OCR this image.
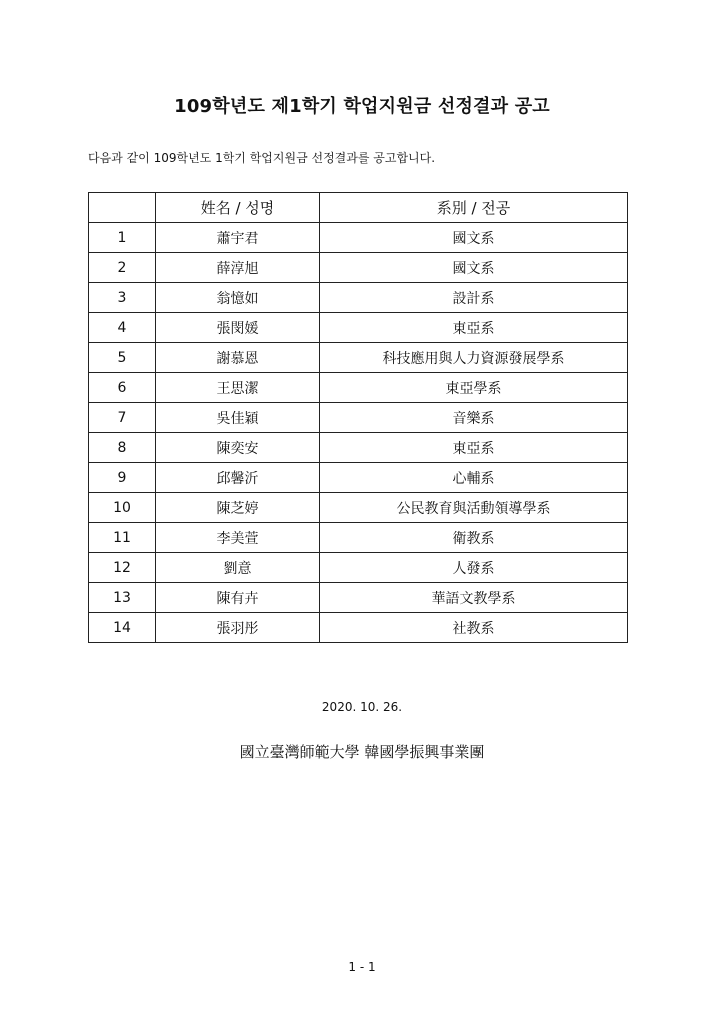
109학년도 제1학기 학업지원금 선정결과 공고
다음과 같이 109학년도 1학기 학업지원금 선정결과를 공고합니다.
	姓名 / 성명	系別 / 전공
1	蕭宇君	國文系
2	薛淳旭	國文系
3	翁憶如	設計系
4	張閔媛	東亞系
5	謝慕恩	科技應用與人力資源發展學系
6	王思潔	東亞學系
7	吳佳穎	音樂系
8	陳奕安	東亞系
9	邱馨沂	心輔系
10	陳芝婷	公民教育與活動領導學系
11	李美萱	衛教系
12	劉意	人發系
13	陳有卉	華語文教學系
14	張羽彤	社教系
2020. 10. 26.
國立臺灣師範大學 韓國學振興事業團
1 - 1
